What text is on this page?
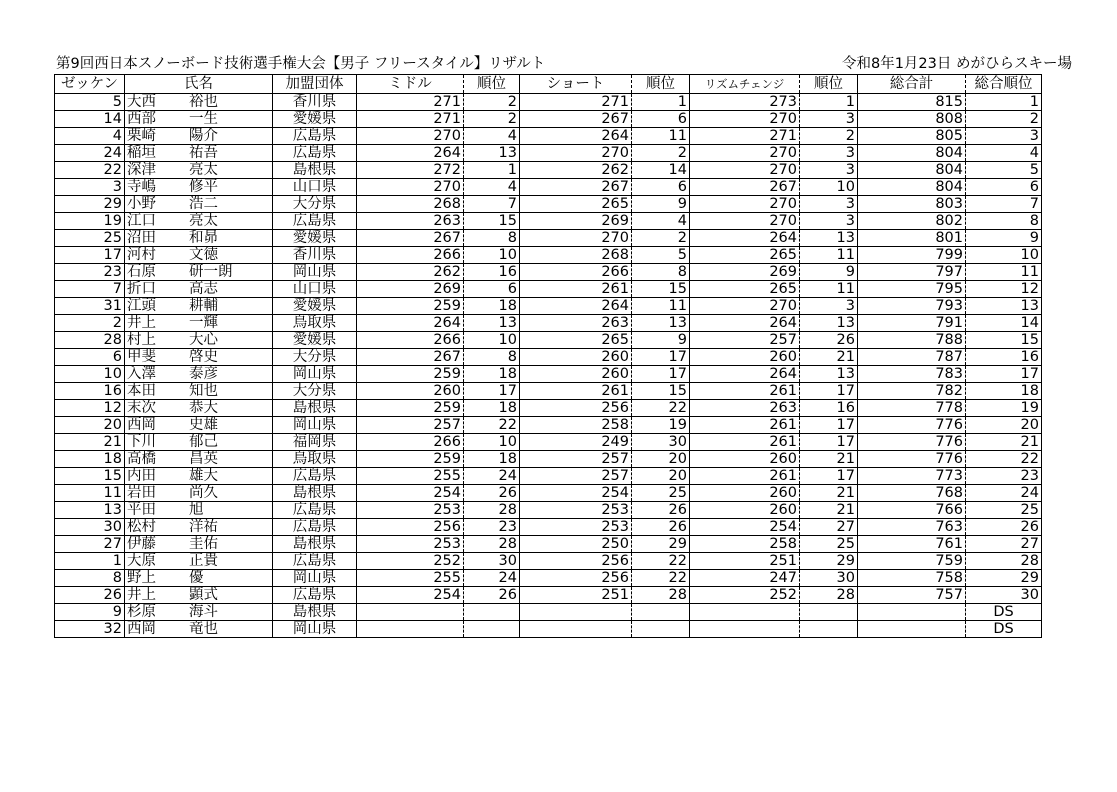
第9回西日本スノーボード技術選手権大会【男子 フリースタイル】リザルト	令和8年1月23日 めがひらスキー場
ゼッケン	氏名	加盟団体	ミドル	順位	ショート	順位	リズムチェンジ	順位	総合計	総合順位
5	大西 裕也	香川県	271	2	271	1	273	1	815	1
14	西部 一生	愛媛県	271	2	267	6	270	3	808	2
4	栗崎 陽介	広島県	270	4	264	11	271	2	805	3
24	稲垣 祐吾	広島県	264	13	270	2	270	3	804	4
22	深津 亮太	島根県	272	1	262	14	270	3	804	5
3	寺嶋 修平	山口県	270	4	267	6	267	10	804	6
29	小野 浩二	大分県	268	7	265	9	270	3	803	7
19	江口 亮太	広島県	263	15	269	4	270	3	802	8
25	沼田 和昴	愛媛県	267	8	270	2	264	13	801	9
17	河村 文徳	香川県	266	10	268	5	265	11	799	10
23	石原 研一朗	岡山県	262	16	266	8	269	9	797	11
7	折口 高志	山口県	269	6	261	15	265	11	795	12
31	江頭 耕輔	愛媛県	259	18	264	11	270	3	793	13
2	井上 一輝	鳥取県	264	13	263	13	264	13	791	14
28	村上 大心	愛媛県	266	10	265	9	257	26	788	15
6	甲斐 啓史	大分県	267	8	260	17	260	21	787	16
10	入澤 泰彦	岡山県	259	18	260	17	264	13	783	17
16	本田 知也	大分県	260	17	261	15	261	17	782	18
12	末次 恭大	島根県	259	18	256	22	263	16	778	19
20	西岡 史雄	岡山県	257	22	258	19	261	17	776	20
21	下川 郁己	福岡県	266	10	249	30	261	17	776	21
18	高橋 昌英	鳥取県	259	18	257	20	260	21	776	22
15	内田 雄大	広島県	255	24	257	20	261	17	773	23
11	岩田 尚久	島根県	254	26	254	25	260	21	768	24
13	平田 旭	広島県	253	28	253	26	260	21	766	25
30	松村 洋祐	広島県	256	23	253	26	254	27	763	26
27	伊藤 圭佑	島根県	253	28	250	29	258	25	761	27
1	大原 正貴	広島県	252	30	256	22	251	29	759	28
8	野上 優	岡山県	255	24	256	22	247	30	758	29
26	井上 顕式	広島県	254	26	251	28	252	28	757	30
9	杉原 海斗	島根県								DS
32	西岡 竜也	岡山県								DS
